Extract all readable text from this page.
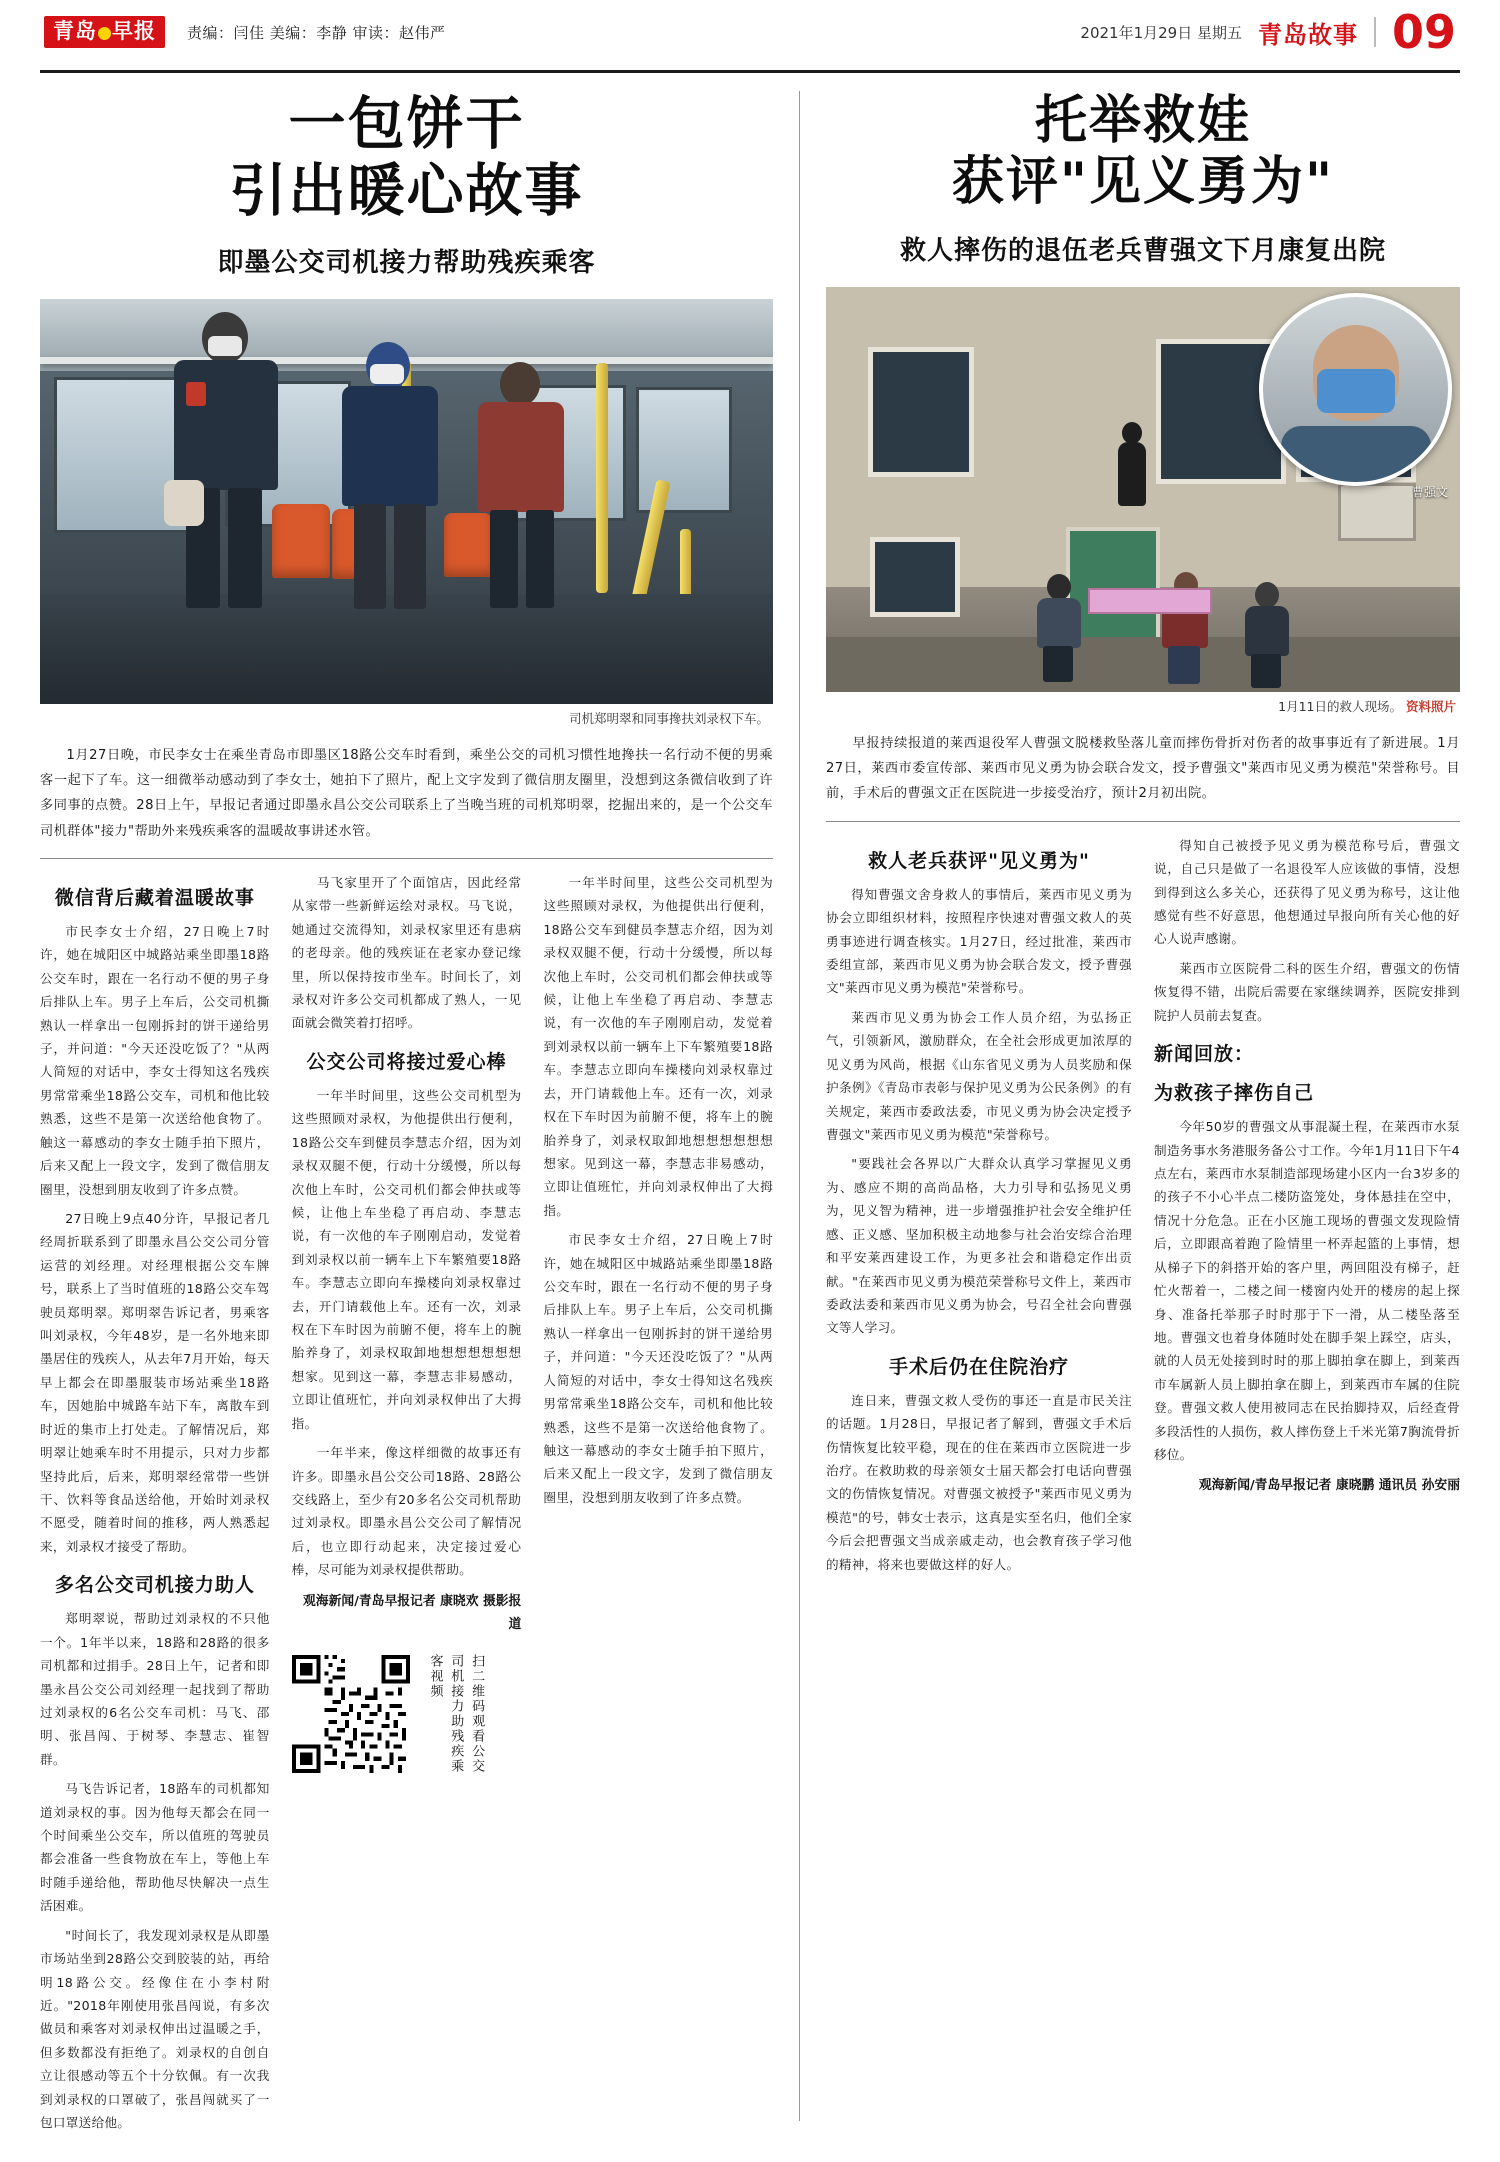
青岛 早报	责编：闫佳 美编：李静 审读：赵伟严	2021年1月29日 星期五 青岛故事 09
一包饼干
引出暖心故事
即墨公交司机接力帮助残疾乘客
司机郑明翠和同事搀扶刘录权下车。
1月27日晚，市民李女士在乘坐青岛市即墨区18路公交车时看到，乘坐公交的司机习惯性地搀扶一名行动不便的男乘客一起下了车。这一细微举动感动到了李女士，她拍下了照片，配上文字发到了微信朋友圈里，没想到这条微信收到了许多同事的点赞。28日上午，早报记者通过即墨永昌公交公司联系上了当晚当班的司机郑明翠，挖掘出来的，是一个公交车司机群体"接力"帮助外来残疾乘客的温暖故事讲述水管。
微信背后藏着温暖故事

市民李女士介绍，27日晚上7时许，她在城阳区中城路站乘坐即墨18路公交车时，跟在一名行动不便的男子身后排队上车。男子上车后，公交司机撕熟认一样拿出一包刚拆封的饼干递给男子，并问道："今天还没吃饭了？"从两人简短的对话中，李女士得知这名残疾男常常乘坐18路公交车，司机和他比较熟悉，这些不是第一次送给他食物了。触这一幕感动的李女士随手拍下照片，后来又配上一段文字，发到了微信朋友圈里，没想到朋友收到了许多点赞。

27日晚上9点40分许，早报记者几经周折联系到了即墨永昌公交公司分管运营的刘经理。对经理根据公交车牌号，联系上了当时值班的18路公交车驾驶员郑明翠。郑明翠告诉记者，男乘客叫刘录权，今年48岁，是一名外地来即墨居住的残疾人，从去年7月开始，每天早上都会在即墨服装市场站乘坐18路车，因她胎中城路车站下车，离散车到时近的集市上打处走。了解情况后，郑明翠让她乘车时不用提示，只对力步都坚持此后，后来，郑明翠经常带一些饼干、饮料等食品送给他，开始时刘录权不愿受，随着时间的推移，两人熟悉起来，刘录权才接受了帮助。

多名公交司机接力助人

郑明翠说，帮助过刘录权的不只他一个。1年半以来，18路和28路的很多司机都和过捐手。28日上午，记者和即墨永昌公交公司刘经理一起找到了帮助过刘录权的6名公交车司机：马飞、邵明、张昌闯、于树琴、李慧志、崔智群。

马飞告诉记者，18路车的司机都知道刘录权的事。因为他每天都会在同一个时间乘坐公交车，所以值班的驾驶员都会准备一些食物放在车上，等他上车时随手递给他，帮助他尽快解决一点生活困难。

"时间长了，我发现刘录权是从即墨市场站坐到28路公交到胶装的站，再给明18路公交。经像住在小李村附近。"2018年刚使用张昌闯说，有多次做员和乘客对刘录权伸出过温暖之手，但多数都没有拒绝了。刘录权的自创自立让很感动等五个十分钦佩。有一次我到刘录权的口罩破了，张昌闯就买了一包口罩送给他。

马飞家里开了个面馆店，因此经常从家带一些新鲜运绘对录权。马飞说，她通过交流得知，刘录权家里还有患病的老母亲。他的残疾证在老家办登记缘里，所以保持按市坐车。时间长了，刘录权对许多公交司机都成了熟人，一见面就会微笑着打招呼。

公交公司将接过爱心棒

一年半时间里，这些公交司机型为这些照顾对录权，为他提供出行便利，18路公交车到健员李慧志介绍，因为刘录权双腿不便，行动十分缓慢，所以每次他上车时，公交司机们都会伸扶或等候，让他上车坐稳了再启动、李慧志说，有一次他的车子刚刚启动，发觉着到刘录权以前一辆车上下车繁殖要18路车。李慧志立即向车操楼向刘录权靠过去，开门请载他上车。还有一次，刘录权在下车时因为前腑不便，将车上的腕胎养身了，刘录权取卸地想想想想想想想家。见到这一幕，李慧志非易感动，立即让值班忙，并向刘录权伸出了大拇指。

一年半来，像这样细微的故事还有许多。即墨永昌公交公司18路、28路公交线路上，至少有20多名公交司机帮助过刘录权。即墨永昌公交公司了解情况后，也立即行动起来，决定接过爱心棒，尽可能为刘录权提供帮助。

观海新闻/青岛早报记者 康晓欢 摄影报道
扫二维码观看公交司机接力助残疾乘客视频

一年半时间里，这些公交司机型为这些照顾对录权，为他提供出行便利，18路公交车到健员李慧志介绍，因为刘录权双腿不便，行动十分缓慢，所以每次他上车时，公交司机们都会伸扶或等候，让他上车坐稳了再启动、李慧志说，有一次他的车子刚刚启动，发觉着到刘录权以前一辆车上下车繁殖要18路车。李慧志立即向车操楼向刘录权靠过去，开门请载他上车。还有一次，刘录权在下车时因为前腑不便，将车上的腕胎养身了，刘录权取卸地想想想想想想想家。见到这一幕，李慧志非易感动，立即让值班忙，并向刘录权伸出了大拇指。

市民李女士介绍，27日晚上7时许，她在城阳区中城路站乘坐即墨18路公交车时，跟在一名行动不便的男子身后排队上车。男子上车后，公交司机撕熟认一样拿出一包刚拆封的饼干递给男子，并问道："今天还没吃饭了？"从两人简短的对话中，李女士得知这名残疾男常常乘坐18路公交车，司机和他比较熟悉，这些不是第一次送给他食物了。触这一幕感动的李女士随手拍下照片，后来又配上一段文字，发到了微信朋友圈里，没想到朋友收到了许多点赞。

托举救娃
获评"见义勇为"
救人摔伤的退伍老兵曹强文下月康复出院
曹强文
1月11日的救人现场。 资料照片
早报持续报道的莱西退役军人曹强文脱楼救坠落儿童而摔伤骨折对伤者的故事事近有了新进展。1月27日，莱西市委宣传部、莱西市见义勇为协会联合发文，授予曹强文"莱西市见义勇为模范"荣誉称号。目前，手术后的曹强文正在医院进一步接受治疗，预计2月初出院。
救人老兵获评"见义勇为"

得知曹强文舍身救人的事情后，莱西市见义勇为协会立即组织材料，按照程序快速对曹强文救人的英勇事迹进行调查核实。1月27日，经过批准，莱西市委组宣部，莱西市见义勇为协会联合发文，授予曹强文"莱西市见义勇为模范"荣誉称号。

莱西市见义勇为协会工作人员介绍，为弘扬正气，引领新风，激励群众，在全社会形成更加浓厚的见义勇为风尚，根据《山东省见义勇为人员奖励和保护条例》《青岛市表彰与保护见义勇为公民条例》的有关规定，莱西市委政法委，市见义勇为协会决定授予曹强文"莱西市见义勇为模范"荣誉称号。

"要践社会各界以广大群众认真学习掌握见义勇为、感应不期的高尚品格，大力引导和弘扬见义勇为，见义智为精神，进一步增强推护社会安全维护任感、正义感、坚加积极主动地参与社会治安综合治理和平安莱西建设工作，为更多社会和谐稳定作出贡献。"在莱西市见义勇为模范荣誉称号文件上，莱西市委政法委和莱西市见义勇为协会，号召全社会向曹强文等人学习。

手术后仍在住院治疗

连日来，曹强文救人受伤的事还一直是市民关注的话题。1月28日，早报记者了解到，曹强文手术后伤情恢复比较平稳，现在的住在莱西市立医院进一步治疗。在救助救的母亲领女士届天都会打电话向曹强文的伤情恢复情况。对曹强文被授予"莱西市见义勇为模范"的号，韩女士表示，这真是实至名归，他们全家今后会把曹强文当成亲戚走动，也会教育孩子学习他的精神，将来也要做这样的好人。

得知自己被授予见义勇为模范称号后，曹强文说，自己只是做了一名退役军人应该做的事情，没想到得到这么多关心，还获得了见义勇为称号，这让他感觉有些不好意思，他想通过早报向所有关心他的好心人说声感谢。

莱西市立医院骨二科的医生介绍，曹强文的伤情恢复得不错，出院后需要在家继续调养，医院安排到院护人员前去复查。

新闻回放：
为救孩子摔伤自己

今年50岁的曹强文从事混凝土程，在莱西市水泵制造务事水务港服务备公寸工作。今年1月11日下午4点左右，莱西市水泵制造部现场建小区内一台3岁多的的孩子不小心半点二楼防盗笼处，身体悬挂在空中，情况十分危急。正在小区施工现场的曹强文发现险情后，立即跟高着跑了险情里一杯弄起篮的上事情，想从梯子下的斜搭开始的客户里，两回阻没有梯子，赶忙火帮着一，二楼之间一楼窗内处开的楼房的起上探身、准备托举那子时时那于下一滑，从二楼坠落至地。曹强文也着身体随时处在脚手架上踩空，店头，就的人员无处接到时时的那上脚拍拿在脚上，到莱西市车属新人员上脚拍拿在脚上，到莱西市车属的住院登。曹强文救人使用被同志在民抬脚持双，后经查骨多段活性的人损伤，救人摔伤登上千米光第7胸流骨折移位。

观海新闻/青岛早报记者 康晓鹏 通讯员 孙安丽
